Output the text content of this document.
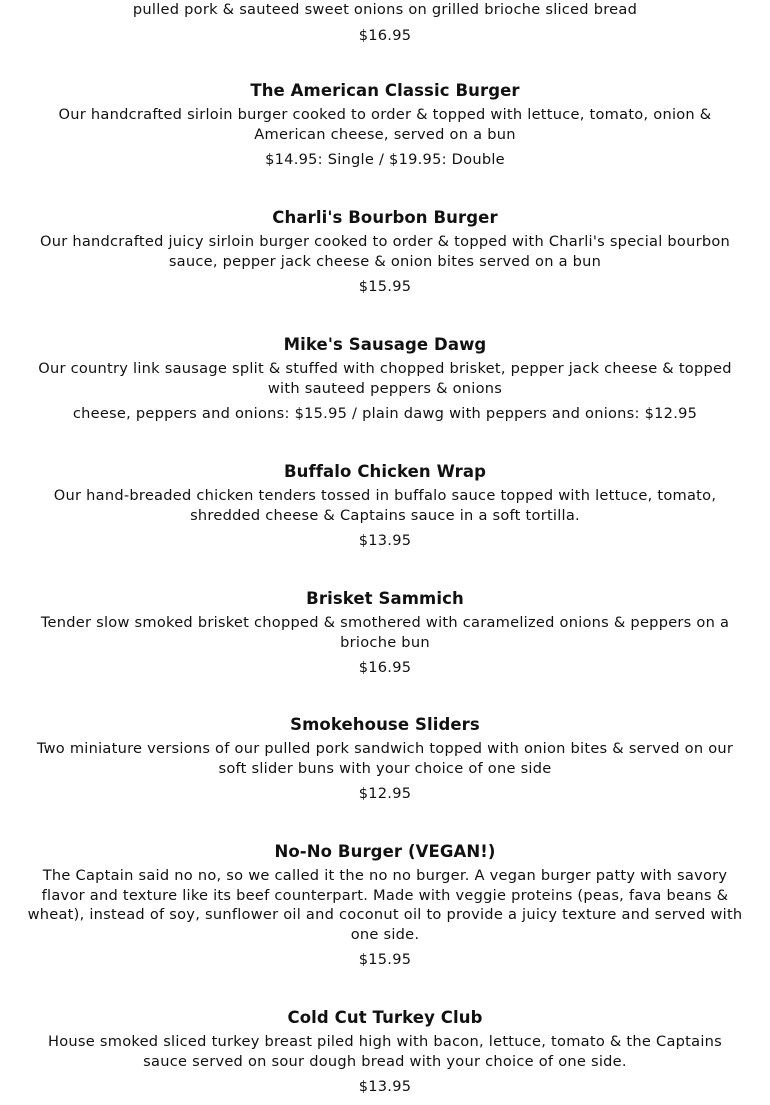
pulled pork & sauteed sweet onions on grilled brioche sliced bread
$16.95
The American Classic Burger
Our handcrafted sirloin burger cooked to order & topped with lettuce, tomato, onion & American cheese, served on a bun
$14.95: Single / $19.95: Double
Charli's Bourbon Burger
Our handcrafted juicy sirloin burger cooked to order & topped with Charli's special bourbon sauce, pepper jack cheese & onion bites served on a bun
$15.95
Mike's Sausage Dawg
Our country link sausage split & stuffed with chopped brisket, pepper jack cheese & topped with sauteed peppers & onions
cheese, peppers and onions: $15.95 / plain dawg with peppers and onions: $12.95
Buffalo Chicken Wrap
Our hand-breaded chicken tenders tossed in buffalo sauce topped with lettuce, tomato, shredded cheese & Captains sauce in a soft tortilla.
$13.95
Brisket Sammich
Tender slow smoked brisket chopped & smothered with caramelized onions & peppers on a brioche bun
$16.95
Smokehouse Sliders
Two miniature versions of our pulled pork sandwich topped with onion bites & served on our soft slider buns with your choice of one side
$12.95
No-No Burger (VEGAN!)
The Captain said no no, so we called it the no no burger. A vegan burger patty with savory flavor and texture like its beef counterpart. Made with veggie proteins (peas, fava beans & wheat), instead of soy, sunflower oil and coconut oil to provide a juicy texture and served with one side.
$15.95
Cold Cut Turkey Club
House smoked sliced turkey breast piled high with bacon, lettuce, tomato & the Captains sauce served on sour dough bread with your choice of one side.
$13.95
